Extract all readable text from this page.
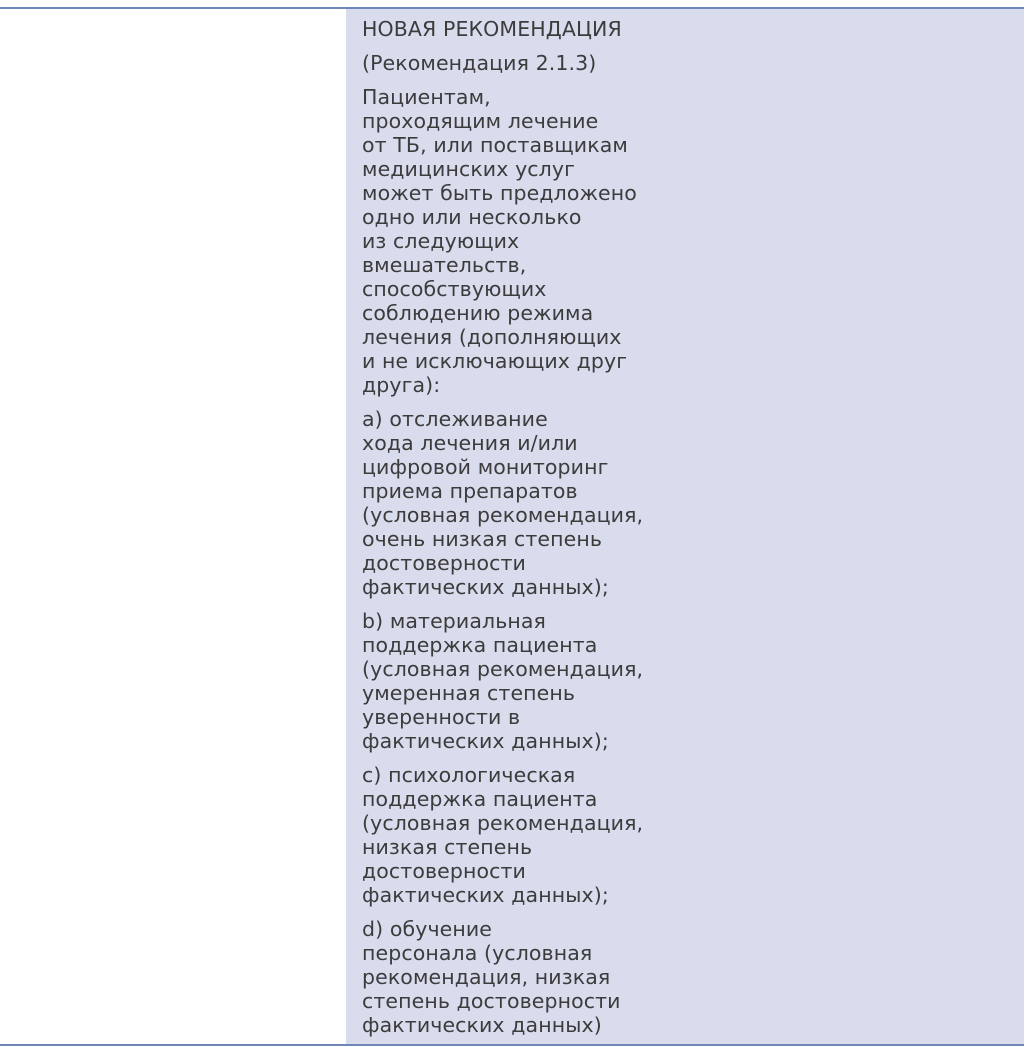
НОВАЯ РЕКОМЕНДАЦИЯ

(Рекомендация 2.1.3)

Пациентам,
проходящим лечение
от ТБ, или поставщикам
медицинских услуг
может быть предложено
одно или несколько
из следующих
вмешательств,
способствующих
соблюдению режима
лечения (дополняющих
и не исключающих друг
друга):

a) отслеживание
хода лечения и/или
цифровой мониторинг
приема препаратов
(условная рекомендация,
очень низкая степень
достоверности
фактических данных);

b) материальная
поддержка пациента
(условная рекомендация,
умеренная степень
уверенности в
фактических данных);

c) психологическая
поддержка пациента
(условная рекомендация,
низкая степень
достоверности
фактических данных);

d) обучение
персонала (условная
рекомендация, низкая
степень достоверности
фактических данных)
